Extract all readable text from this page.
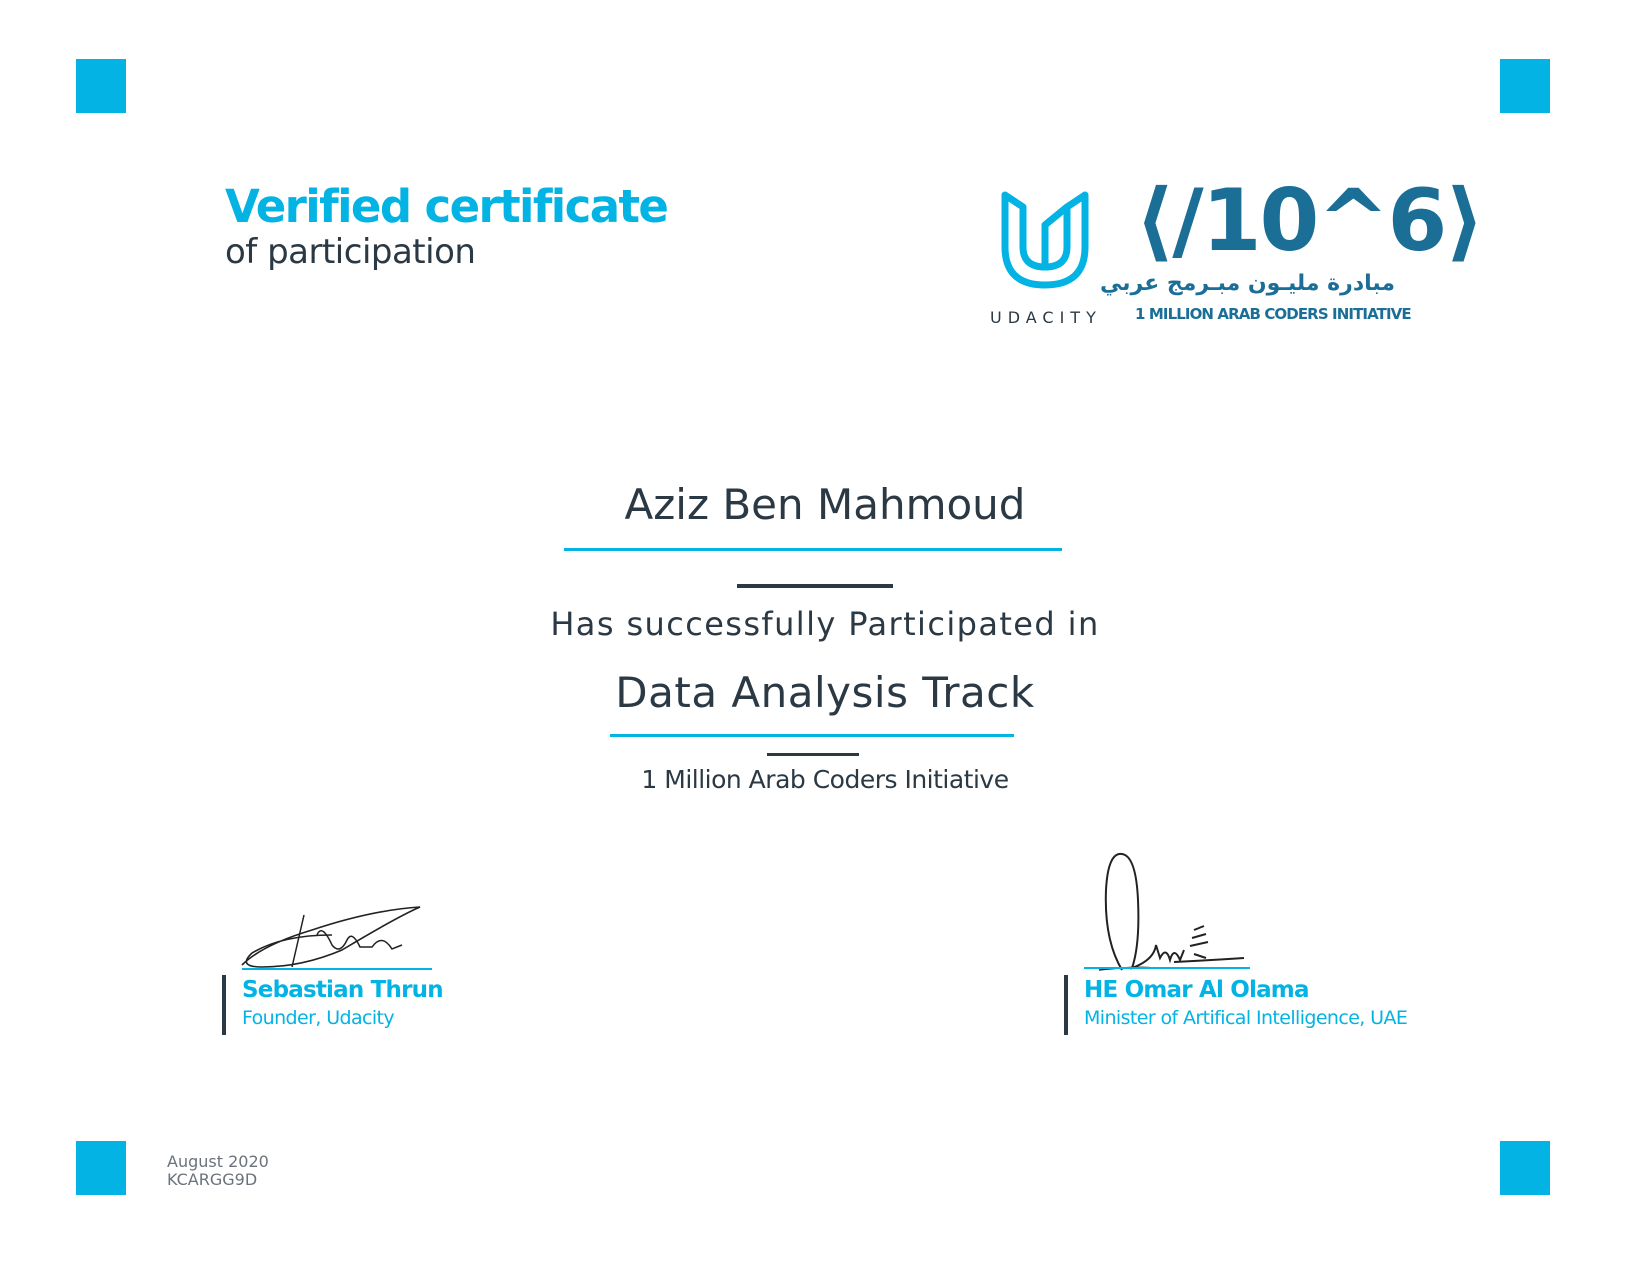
Verified certificate
of participation
UDACITY
⟨/10^6⟩
مبادرة مليـون مبـرمج عربي
1 MILLION ARAB CODERS INITIATIVE
Aziz Ben Mahmoud
Has successfully Participated in
Data Analysis Track
1 Million Arab Coders Initiative
Sebastian Thrun
Founder, Udacity
HE Omar Al Olama
Minister of Artifical Intelligence, UAE
August 2020
KCARGG9D
